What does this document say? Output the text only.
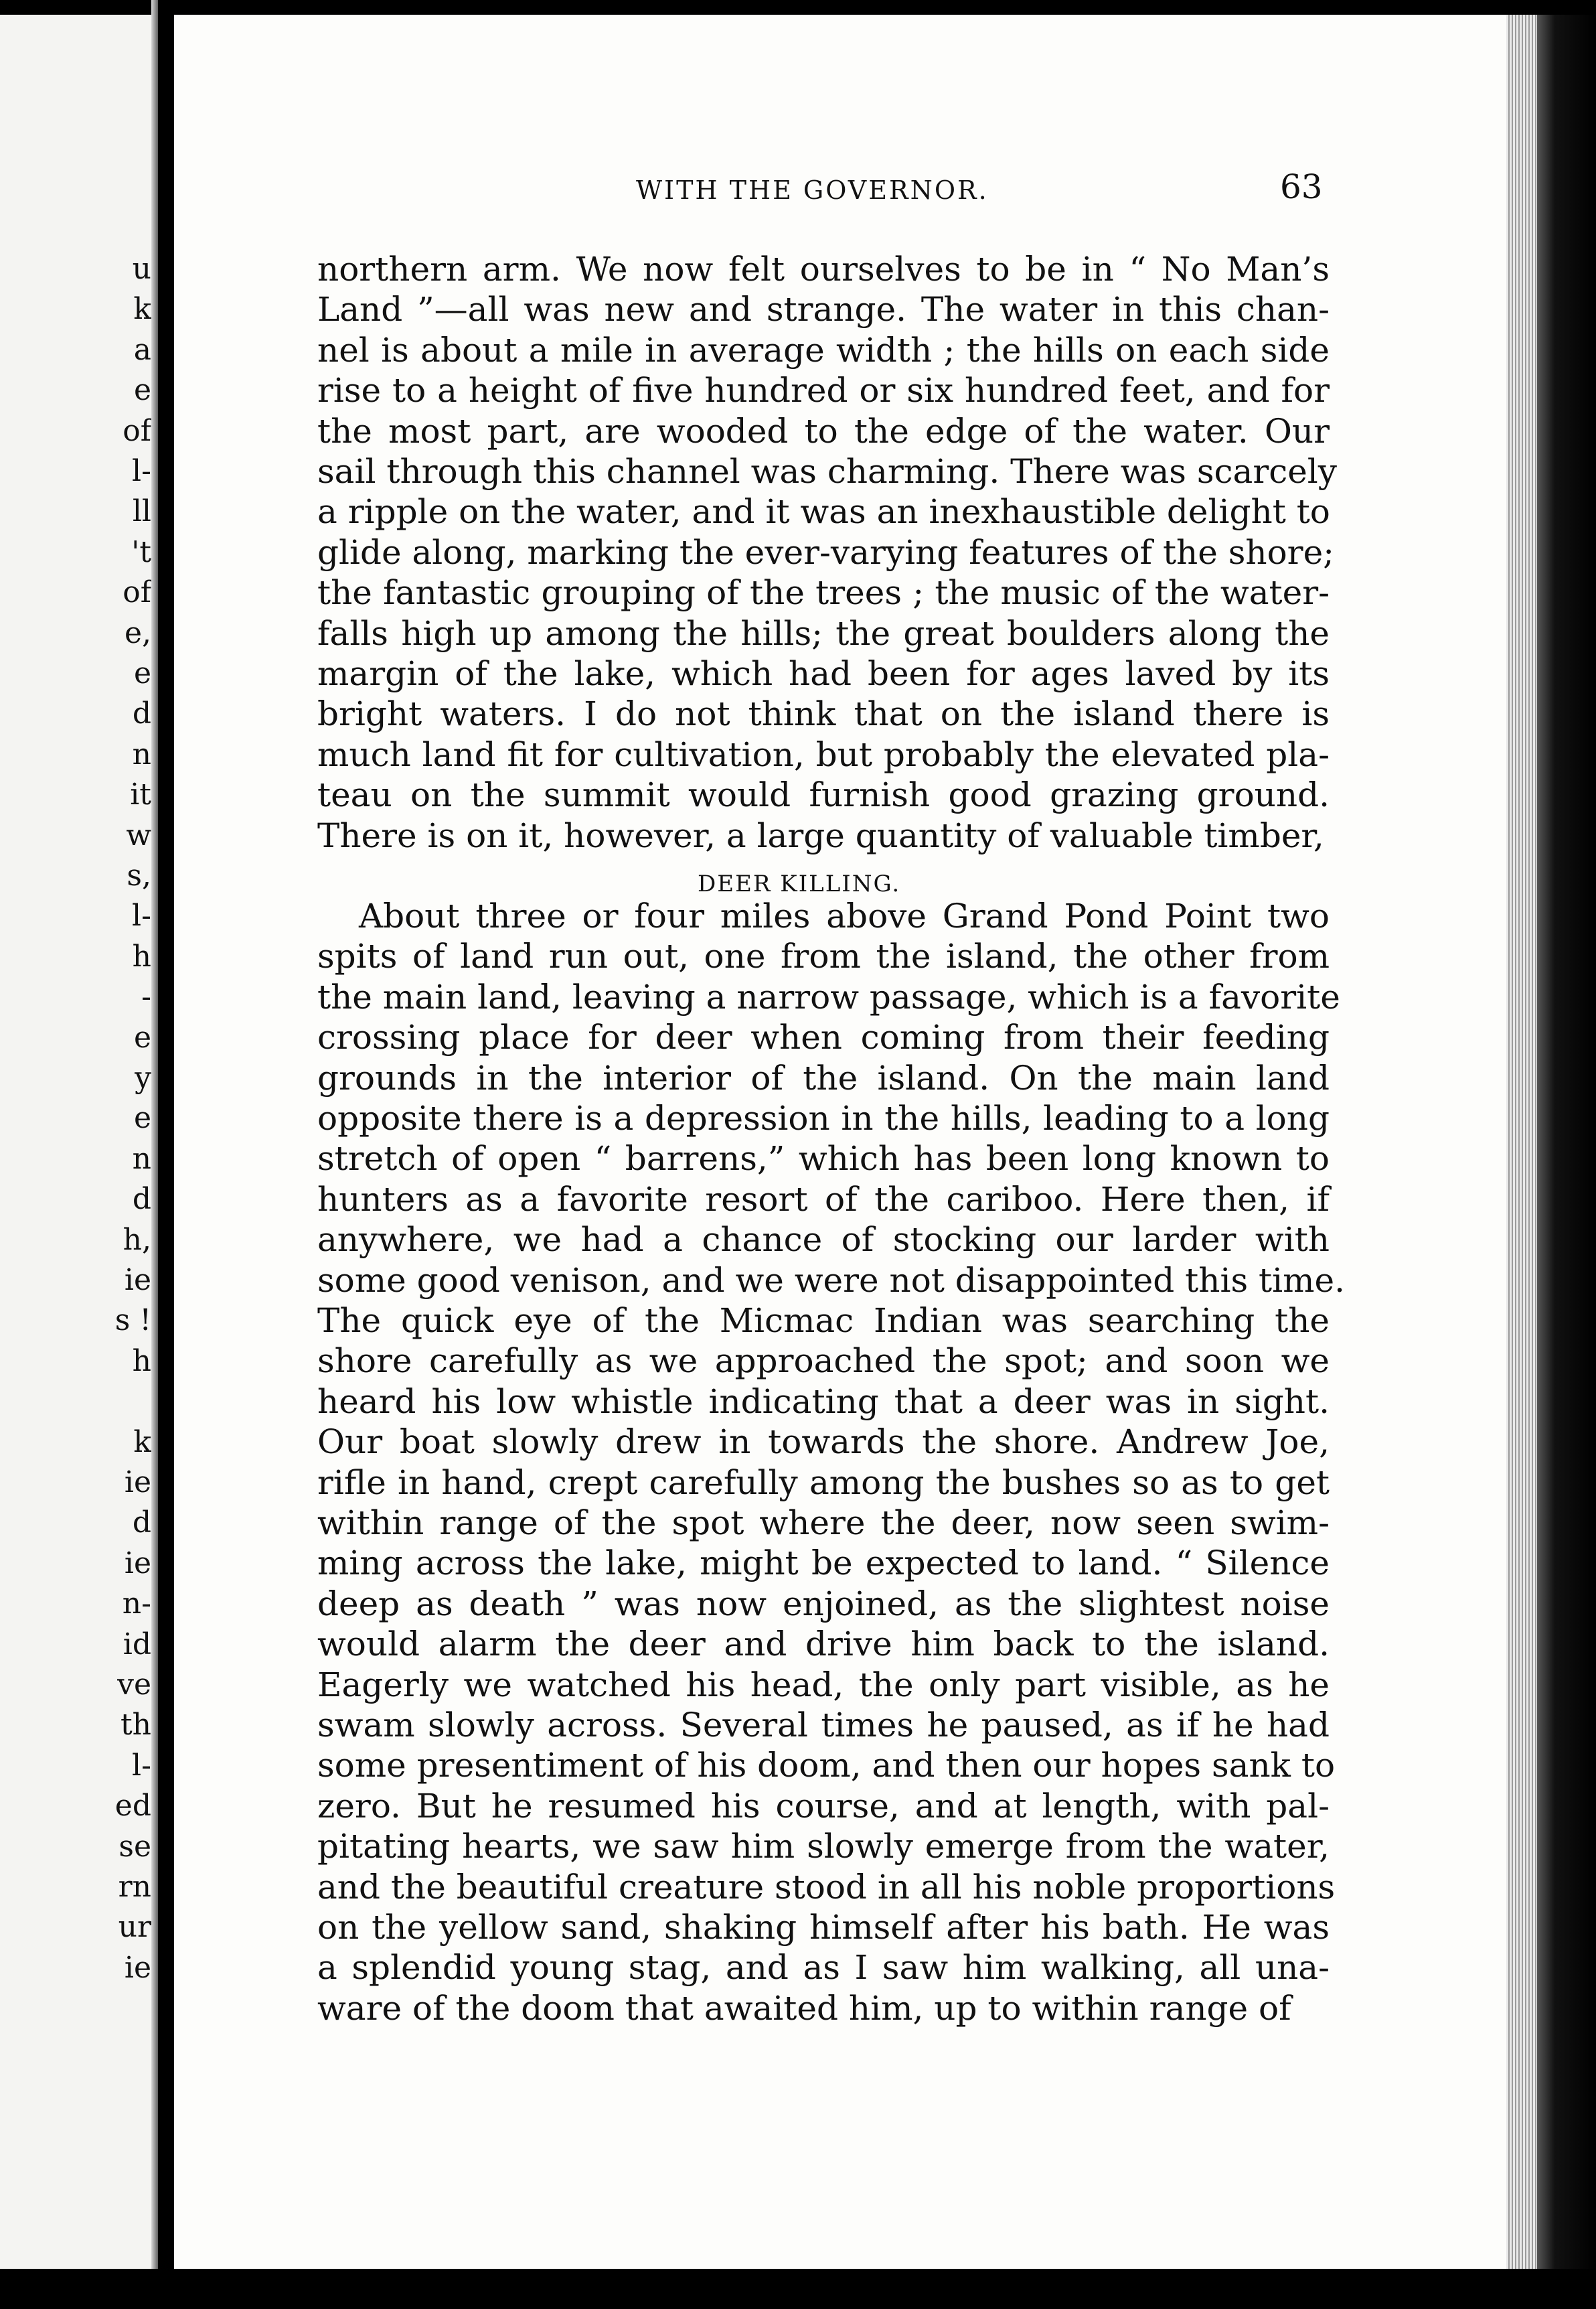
u
k
a
e
of
l-
ll
't
of
e,
e
d
n
it
w
s,
l-
h
-
e
y
e
n
d
h,
ie
s !
h
k
ie
d
ie
n-
id
ve
th
l-
ed
se
rn
ur
ie
WITH THE GOVERNOR.	63
northern arm. We now felt ourselves to be in “ No Man’s
Land ”—all was new and strange. The water in this chan-
nel is about a mile in average width ; the hills on each side
rise to a height of five hundred or six hundred feet, and for
the most part, are wooded to the edge of the water. Our
sail through this channel was charming. There was scarcely
a ripple on the water, and it was an inexhaustible delight to
glide along, marking the ever-varying features of the shore;
the fantastic grouping of the trees ; the music of the water-
falls high up among the hills; the great boulders along the
margin of the lake, which had been for ages laved by its
bright waters. I do not think that on the island there is
much land fit for cultivation, but probably the elevated pla-
teau on the summit would furnish good grazing ground.
There is on it, however, a large quantity of valuable timber,
DEER KILLING.
About three or four miles above Grand Pond Point two
spits of land run out, one from the island, the other from
the main land, leaving a narrow passage, which is a favorite
crossing place for deer when coming from their feeding
grounds in the interior of the island. On the main land
opposite there is a depression in the hills, leading to a long
stretch of open “ barrens,” which has been long known to
hunters as a favorite resort of the cariboo. Here then, if
anywhere, we had a chance of stocking our larder with
some good venison, and we were not disappointed this time.
The quick eye of the Micmac Indian was searching the
shore carefully as we approached the spot; and soon we
heard his low whistle indicating that a deer was in sight.
Our boat slowly drew in towards the shore. Andrew Joe,
rifle in hand, crept carefully among the bushes so as to get
within range of the spot where the deer, now seen swim-
ming across the lake, might be expected to land. “ Silence
deep as death ” was now enjoined, as the slightest noise
would alarm the deer and drive him back to the island.
Eagerly we watched his head, the only part visible, as he
swam slowly across. Several times he paused, as if he had
some presentiment of his doom, and then our hopes sank to
zero. But he resumed his course, and at length, with pal-
pitating hearts, we saw him slowly emerge from the water,
and the beautiful creature stood in all his noble proportions
on the yellow sand, shaking himself after his bath. He was
a splendid young stag, and as I saw him walking, all una-
ware of the doom that awaited him, up to within range of
